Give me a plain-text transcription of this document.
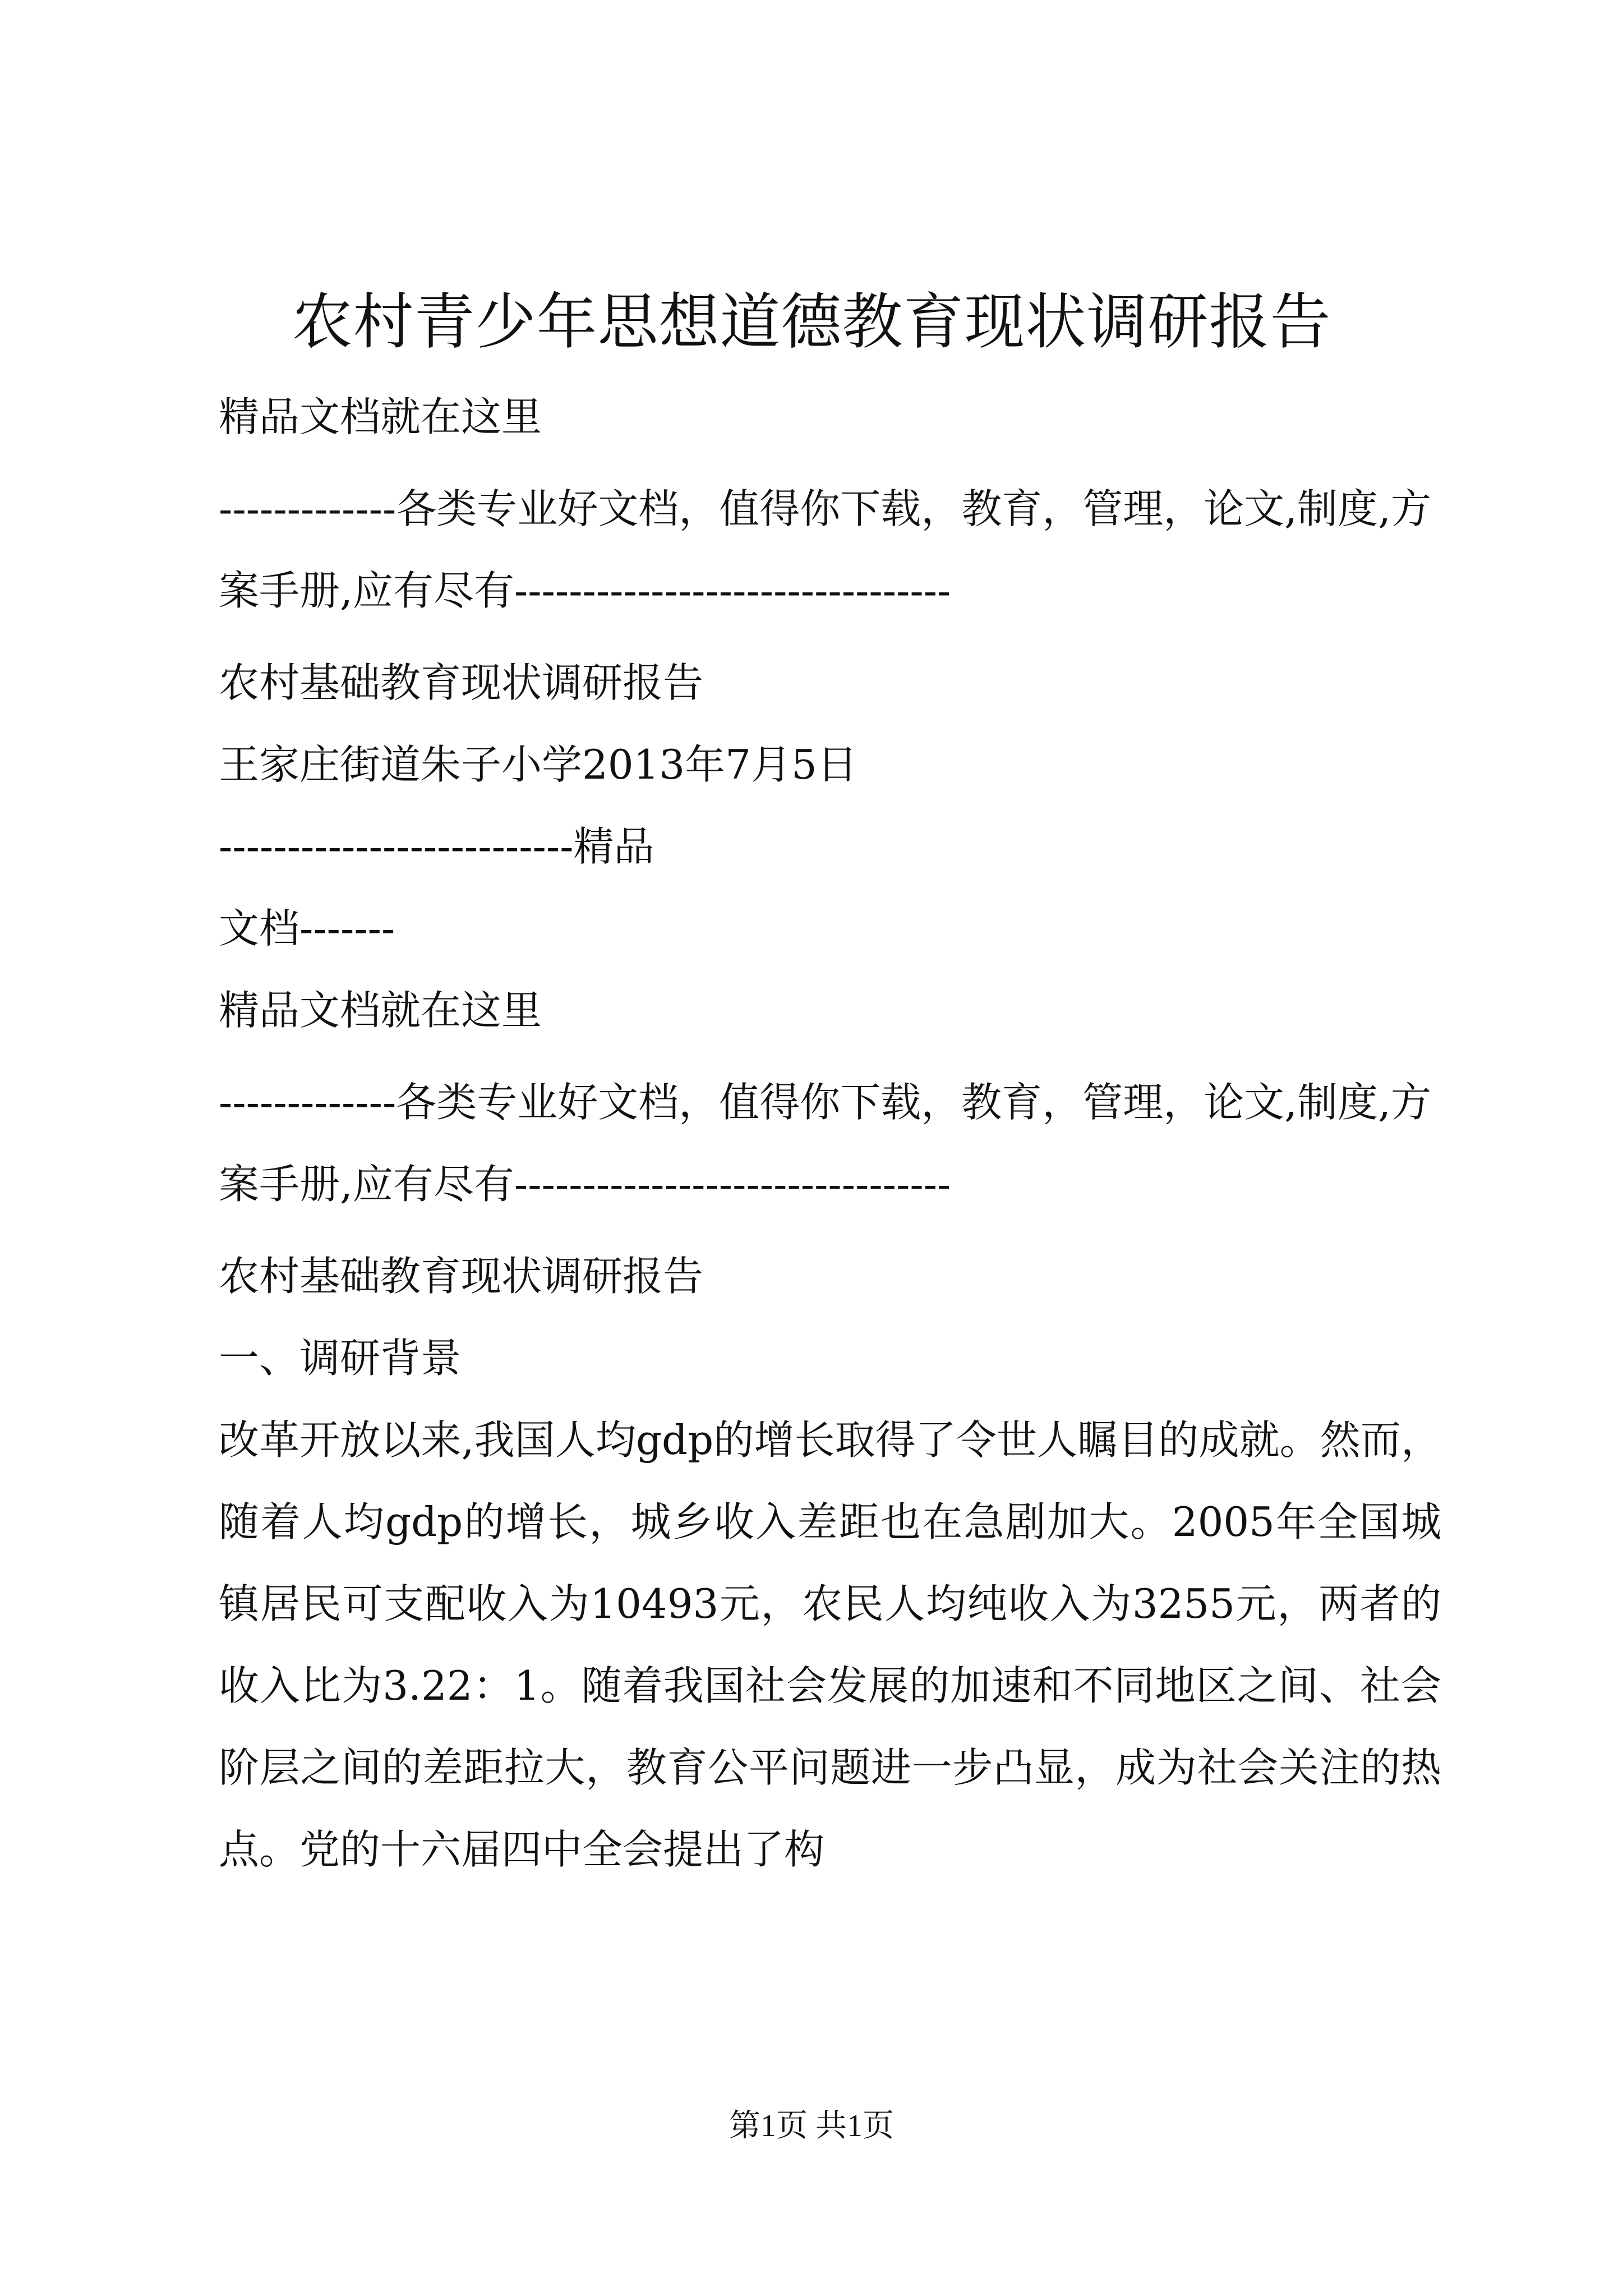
农村青少年思想道德教育现状调研报告

精品文档就在这里

-------------各类专业好文档，值得你下载，教育，管理，论文,制度,方案手册,应有尽有--------------------------------

农村基础教育现状调研报告

王家庄街道朱子小学2013年7月5日

--------------------------精品

文档-------

精品文档就在这里

-------------各类专业好文档，值得你下载，教育，管理，论文,制度,方案手册,应有尽有--------------------------------

农村基础教育现状调研报告

一、调研背景

改革开放以来,我国人均gdp的增长取得了令世人瞩目的成就。然而，随着人均gdp的增长，城乡收入差距也在急剧加大。2005年全国城镇居民可支配收入为10493元，农民人均纯收入为3255元，两者的收入比为3.22：1。随着我国社会发展的加速和不同地区之间、社会阶层之间的差距拉大，教育公平问题进一步凸显，成为社会关注的热点。党的十六届四中全会提出了构

第1页 共1页
